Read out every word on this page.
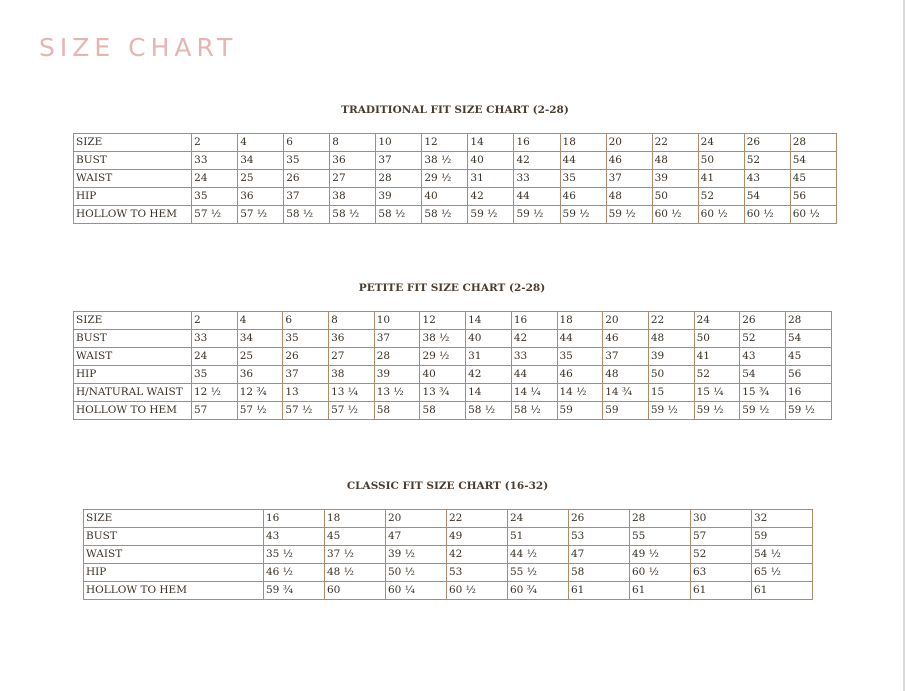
SIZE CHART
TRADITIONAL FIT SIZE CHART (2-28)
SIZE	2	4	6	8	10	12	14	16	18	20	22	24	26	28
BUST	33	34	35	36	37	38 ½	40	42	44	46	48	50	52	54
WAIST	24	25	26	27	28	29 ½	31	33	35	37	39	41	43	45
HIP	35	36	37	38	39	40	42	44	46	48	50	52	54	56
HOLLOW TO HEM	57 ½	57 ½	58 ½	58 ½	58 ½	58 ½	59 ½	59 ½	59 ½	59 ½	60 ½	60 ½	60 ½	60 ½
PETITE FIT SIZE CHART (2-28)
SIZE	2	4	6	8	10	12	14	16	18	20	22	24	26	28
BUST	33	34	35	36	37	38 ½	40	42	44	46	48	50	52	54
WAIST	24	25	26	27	28	29 ½	31	33	35	37	39	41	43	45
HIP	35	36	37	38	39	40	42	44	46	48	50	52	54	56
H/NATURAL WAIST	12 ½	12 ¾	13	13 ¼	13 ½	13 ¾	14	14 ¼	14 ½	14 ¾	15	15 ¼	15 ¾	16
HOLLOW TO HEM	57	57 ½	57 ½	57 ½	58	58	58 ½	58 ½	59	59	59 ½	59 ½	59 ½	59 ½
CLASSIC FIT SIZE CHART (16-32)
SIZE	16	18	20	22	24	26	28	30	32
BUST	43	45	47	49	51	53	55	57	59
WAIST	35 ½	37 ½	39 ½	42	44 ½	47	49 ½	52	54 ½
HIP	46 ½	48 ½	50 ½	53	55 ½	58	60 ½	63	65 ½
HOLLOW TO HEM	59 ¾	60	60 ¼	60 ½	60 ¾	61	61	61	61
